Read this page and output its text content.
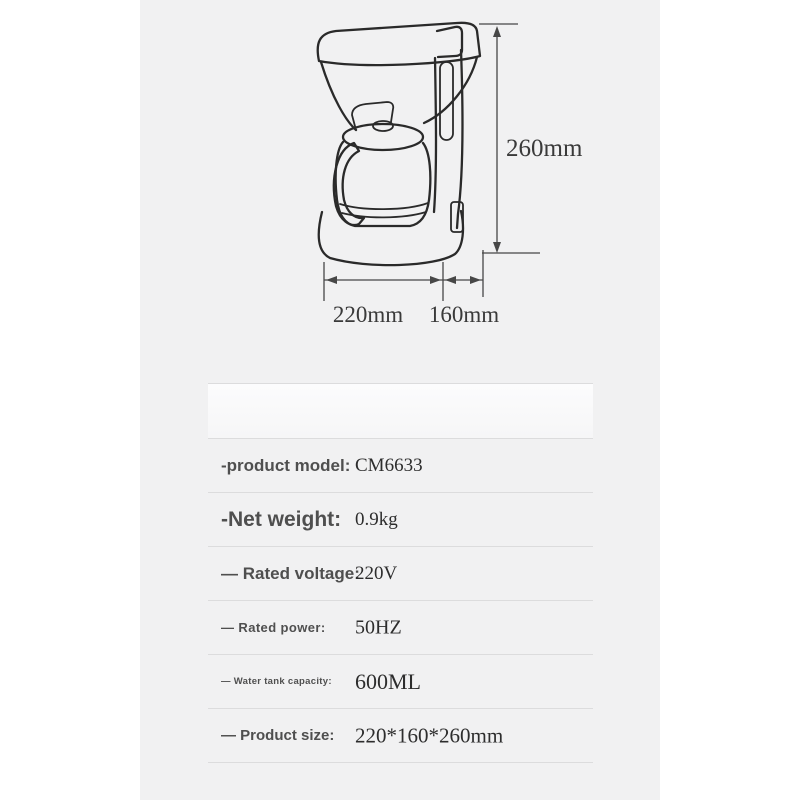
260mm
220mm 160mm
-product model: CM6633
-Net weight: 0.9kg
— Rated voltage:
220V
— Rated power: 50HZ
— Water tank capacity: 600ML
— Product size: 220*160*260mm
